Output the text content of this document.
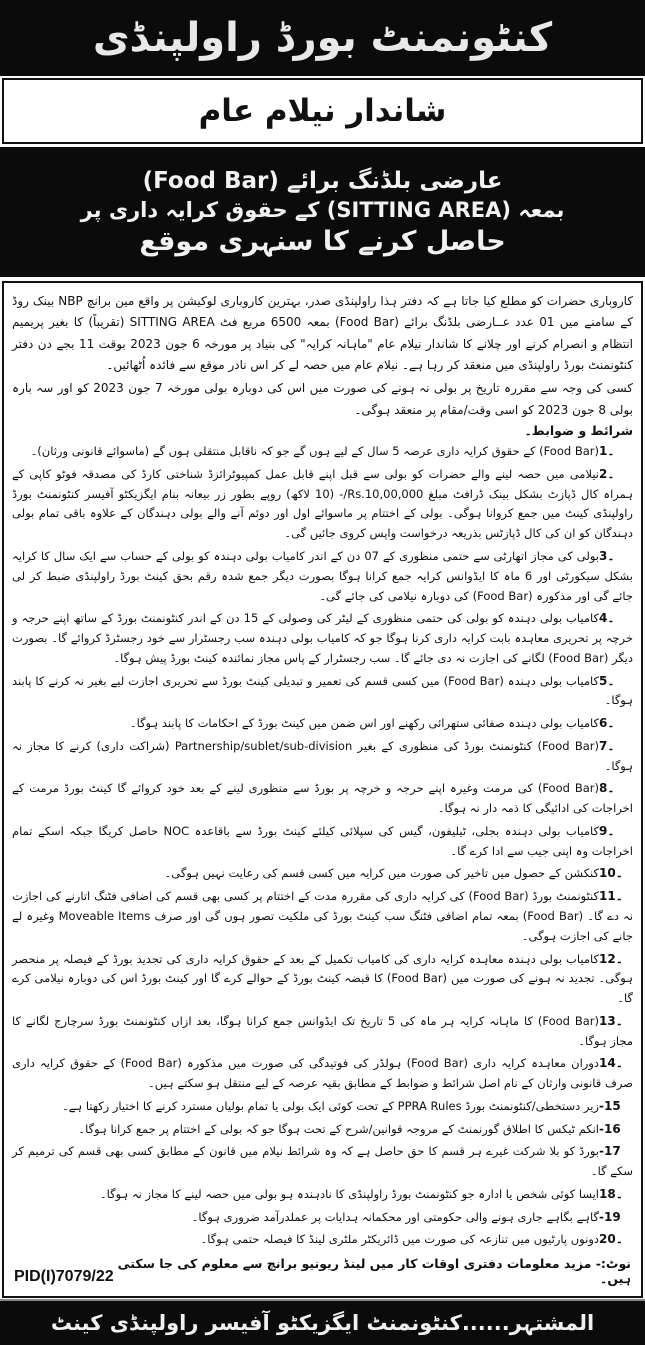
کنٹونمنٹ بورڈ راولپنڈی
شاندار نیلام عام
عارضی بلڈنگ برائے (Food Bar)
بمعہ (SITTING AREA) کے حقوق کرایہ داری پر
حاصل کرنے کا سنہری موقع

کاروباری حضرات کو مطلع کیا جاتا ہے کہ دفتر ہذا راولپنڈی صدر، بہترین کاروباری لوکیشن پر واقع مین برانچ NBP بینک روڈ کے سامنے میں 01 عدد عــارضی بلڈنگ برائے (Food Bar) بمعہ 6500 مربع فٹ SITTING AREA (تقریباً) کا بغیر پریمیم انتظام و انصرام کرنے اور چلانے کا شاندار نیلام عام "ماہانہ کرایہ" کی بنیاد پر مورخہ 6 جون 2023 بوقت 11 بجے دن دفتر کنٹونمنٹ بورڈ راولپنڈی میں منعقد کر رہا ہے۔ نیلام عام میں حصہ لے کر اس نادر موقع سے فائدہ اُٹھائیں۔

کسی کی وجہ سے مقررہ تاریخ پر بولی نہ ہونے کی صورت میں اس کی دوبارہ بولی مورخہ 7 جون 2023 کو اور سہ بارہ بولی 8 جون 2023 کو اسی وقت/مقام پر منعقد ہوگی۔

شرائط و ضوابط۔

۔1(Food Bar) کے حقوق کرایہ داری عرصہ 5 سال کے لیے ہوں گے جو کہ ناقابل منتقلی ہوں گے (ماسوائے قانونی ورثان)۔

۔2نیلامی میں حصہ لینے والے حضرات کو بولی سے قبل اپنے قابل عمل کمپیوٹرائزڈ شناختی کارڈ کی مصدقہ فوٹو کاپی کے ہمراہ کال ڈپازٹ بشکل بینک ڈرافٹ مبلغ Rs.10,00,000/- (10 لاکھ) روپے بطور زر بیعانہ بنام ایگزیکٹو آفیسر کنٹونمنٹ بورڈ راولپنڈی کینٹ میں جمع کروانا ہوگی۔ بولی کے اختتام پر ماسوائے اول اور دوئم آنے والے بولی دہندگان کے علاوہ باقی تمام بولی دہندگان کو ان کی کال ڈپازٹس بذریعہ درخواست واپس کروی جائیں گی۔

۔3بولی کی مجاز اتھارٹی سے حتمی منظوری کے 07 دن کے اندر کامیاب بولی دہندہ کو بولی کے حساب سے ایک سال کا کرایہ بشکل سیکورٹی اور 6 ماہ کا ایڈوانس کرایہ جمع کرانا ہوگا بصورت دیگر جمع شدہ رقم بحق کینٹ بورڈ راولپنڈی ضبط کر لی جائے گی اور مذکورہ (Food Bar) کی دوبارہ نیلامی کی جائے گی۔

۔4کامیاب بولی دہندہ کو بولی کی حتمی منظوری کے لیٹر کی وصولی کے 15 دن کے اندر کنٹونمنٹ بورڈ کے ساتھ اپنے حرجہ و خرچہ پر تحریری معاہدہ بابت کرایہ داری کرنا ہوگا جو کہ کامیاب بولی دہندہ سب رجسٹرار سے خود رجسٹرڈ کروائے گا۔ بصورت دیگر (Food Bar) لگانے کی اجازت نہ دی جائے گا۔ سب رجسٹرار کے پاس مجاز نمائندہ کینٹ بورڈ پیش ہوگا۔

۔5کامیاب بولی دہندہ (Food Bar) میں کسی قسم کی تعمیر و تبدیلی کینٹ بورڈ سے تحریری اجازت لیے بغیر نہ کرنے کا پابند ہوگا۔

۔6کامیاب بولی دہندہ صفائی ستھرائی رکھنے اور اس ضمن میں کینٹ بورڈ کے احکامات کا پابند ہوگا۔

۔7(Food Bar) کنٹونمنٹ بورڈ کی منظوری کے بغیر Partnership/sublet/sub-division (شراکت داری) کرنے کا مجاز نہ ہوگا۔

۔8(Food Bar) کی مرمت وغیرہ اپنے حرجہ و خرچہ پر بورڈ سے منظوری لینے کے بعد خود کروائے گا کینٹ بورڈ مرمت کے اخراجات کی ادائیگی کا ذمہ دار نہ ہوگا۔

۔9کامیاب بولی دہندہ بجلی، ٹیلیفون، گیس کی سپلائی کیلئے کینٹ بورڈ سے باقاعدہ NOC حاصل کریگا جبکہ اسکے تمام اخراجات وہ اپنی جیب سے ادا کرے گا۔

۔10کنکشن کے حصول میں تاخیر کی صورت میں کرایہ میں کسی قسم کی رعایت نہیں ہوگی۔

۔11کنٹونمنٹ بورڈ (Food Bar) کی کرایہ داری کی مقررہ مدت کے اختتام پر کسی بھی قسم کی اضافی فٹنگ اتارنے کی اجازت نہ دے گا۔ (Food Bar) بمعہ تمام اضافی فٹنگ سب کینٹ بورڈ کی ملکیت تصور ہوں گی اور صرف Moveable Items وغیرہ لے جانے کی اجازت ہوگی۔

۔12کامیاب بولی دہندہ معاہدہ کرایہ داری کی کامیاب تکمیل کے بعد کے حقوق کرایہ داری کی تجدید بورڈ کے فیصلہ پر منحصر ہوگی۔ تجدید نہ ہونے کی صورت میں (Food Bar) کا قبضہ کینٹ بورڈ کے حوالے کرے گا اور کینٹ بورڈ اس کی دوبارہ نیلامی کرے گا۔

۔13(Food Bar) کا ماہانہ کرایہ ہر ماہ کی 5 تاریخ تک ایڈوانس جمع کرانا ہوگا، بعد ازاں کنٹونمنٹ بورڈ سرچارج لگانے کا مجاز ہوگا۔

۔14دوران معاہدہ کرایہ داری (Food Bar) ہولڈر کی فوتیدگی کی صورت میں مذکورہ (Food Bar) کے حقوق کرایہ داری صرف قانونی وارثان کے نام اصل شرائط و ضوابط کے مطابق بقیہ عرصہ کے لیے منتقل ہو سکتے ہیں۔

-15زیر دستخطی/کنٹونمنٹ بورڈ PPRA Rules کے تحت کوئی ایک بولی یا تمام بولیاں مسترد کرنے کا اختیار رکھتا ہے۔

-16انکم ٹیکس کا اطلاق گورنمنٹ کے مروجہ قوانین/شرح کے تحت ہوگا جو کہ بولی کے اختتام پر جمع کرانا ہوگا۔

-17بورڈ کو بلا شرکت غیرے ہر قسم کا حق حاصل ہے کہ وہ شرائط نیلام میں قانون کے مطابق کسی بھی قسم کی ترمیم کر سکے گا۔

۔18ایسا کوئی شخص یا ادارہ جو کنٹونمنٹ بورڈ راولپنڈی کا نادہندہ ہو بولی میں حصہ لینے کا مجاز نہ ہوگا۔

-19گاہے بگاہے جاری ہونے والی حکومتی اور محکمانہ ہدایات پر عملدرآمد ضروری ہوگا۔

۔20دونوں پارٹیوں میں تنازعہ کی صورت میں ڈائریکٹر ملٹری لینڈ کا فیصلہ حتمی ہوگا۔

نوٹ:- مزید معلومات دفتری اوقات کار میں لینڈ ریونیو برانچ سے معلوم کی جا سکتی ہیں۔
PID(I)7079/22
المشتہر......کنٹونمنٹ ایگزیکٹو آفیسر راولپنڈی کینٹ
